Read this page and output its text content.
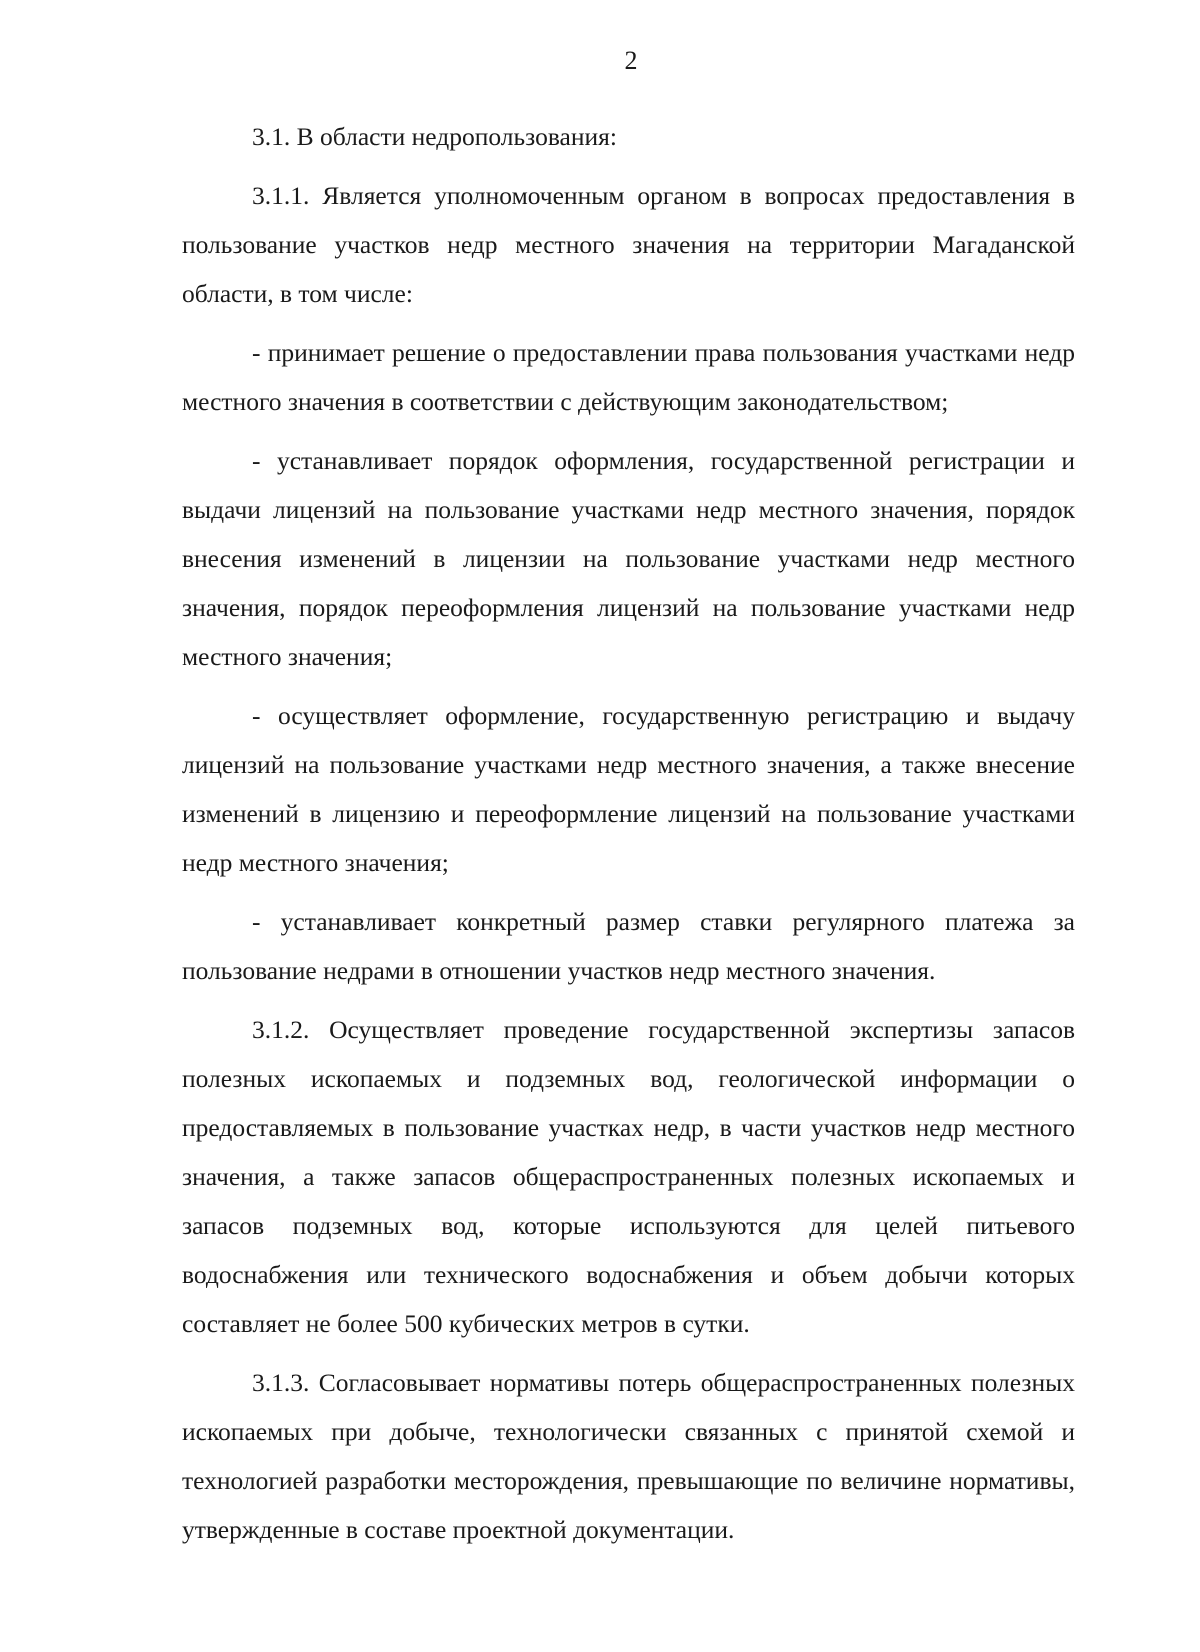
2

3.1. В области недропользования:

3.1.1. Является уполномоченным органом в вопросах предоставления в пользование участков недр местного значения на территории Магаданской области, в том числе:

- принимает решение о предоставлении права пользования участками недр местного значения в соответствии с действующим законодательством;

- устанавливает порядок оформления, государственной регистрации и выдачи лицензий на пользование участками недр местного значения, порядок внесения изменений в лицензии на пользование участками недр местного значения, порядок переоформления лицензий на пользование участками недр местного значения;

- осуществляет оформление, государственную регистрацию и выдачу лицензий на пользование участками недр местного значения, а также внесение изменений в лицензию и переоформление лицензий на пользование участками недр местного значения;

- устанавливает конкретный размер ставки регулярного платежа за пользование недрами в отношении участков недр местного значения.

3.1.2. Осуществляет проведение государственной экспертизы запасов полезных ископаемых и подземных вод, геологической информации о предоставляемых в пользование участках недр, в части участков недр местного значения, а также запасов общераспространенных полезных ископаемых и запасов подземных вод, которые используются для целей питьевого водоснабжения или технического водоснабжения и объем добычи которых составляет не более 500 кубических метров в сутки.

3.1.3. Согласовывает нормативы потерь общераспространенных полезных ископаемых при добыче, технологически связанных с принятой схемой и технологией разработки месторождения, превышающие по величине нормативы, утвержденные в составе проектной документации.
